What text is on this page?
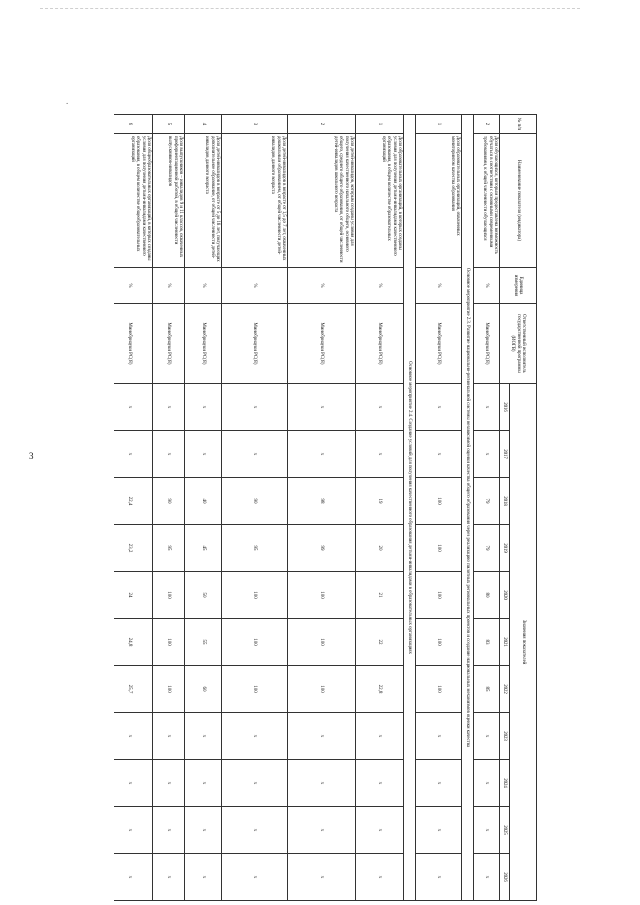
3
.
№ п/п
Наименование показателя (индикатора)
Единица измерения
Ответственный исполнитель государственной программы (ИОГВ)
Значения показателей
2016
2017
2018
2019
2020
2021
2022
2023
2024
2025
2026
2
Доля обучающихся, которым предоставлена возможность обучаться в соответствии с основными современными требованиями, к общей численности обучающихся
%
Минобрнауки РС(Я)
x
x
79
79
80
83
85
x
x
x
x
Основное мероприятие 2.3. Развитие национально-региональной системы независимой оценки качества общего образования через реализацию пилотных региональных проектов и создание национальных механизмов оценки качества
1
Доля образовательных организаций, охваченных мониторингом качества образования
%
Минобрнауки РС(Я)
x
x
100
100
100
100
100
x
x
x
x
Основное мероприятие 2.4. Создание условий для получения качественного образования детьми-инвалидами в образовательных организациях
1
Доля образовательных организаций, в которых созданы условия для получения детьми-инвалидами качественного образования, в общем количестве образовательных организаций
%
Минобрнауки РС(Я)
x
x
19
20
21
22
22,8
x
x
x
x
2
Доля детей-инвалидов, которым созданы условия для получения качественного начального общего, основного общего, среднего общего образования, от общей численности детей-инвалидов школьного возраста
%
Минобрнауки РС(Я)
x
x
98
99
100
100
100
x
x
x
x
3
Доля детей-инвалидов в возрасте от 1,5 до 7 лет, охваченных дошкольным образованием, от общей численности детей-инвалидов данного возраста
%
Минобрнауки РС(Я)
x
x
90
95
100
100
100
x
x
x
x
4
Доля детей-инвалидов в возрасте от 5 до 18 лет, получающих дополнительное образование, от общей численности детей-инвалидов данного возраста
%
Минобрнауки РС(Я)
x
x
40
45
50
55
60
x
x
x
x
5
Доля выпускников – инвалидов 9 и 11 классов, охваченных профориентационной работой, в общей численности выпускников-инвалидов
%
Минобрнауки РС(Я)
x
x
90
95
100
100
100
x
x
x
x
6
Доля общеобразовательных организаций, в которых созданы условия для получения детьми-инвалидами качественного образования, в общем количестве общеобразовательных организаций
%
Минобрнауки РС(Я)
x
x
22,4
23,2
24
24,8
25,7
x
x
x
x
